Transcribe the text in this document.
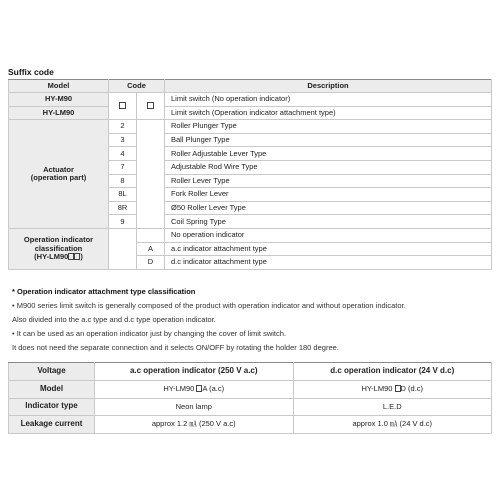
Suffix code
Model	Code		Description
HY-M90			Limit switch (No operation indicator)
HY-LM90			Limit switch (Operation indicator attachment type)
Actuator
(operation part)	2		Roller Plunger Type
	3		Ball Plunger Type
	4		Roller Adjustable Lever Type
	7		Adjustable Rod Wire Type
	8		Roller Lever Type
	8L		Fork Roller Lever
	8R		Ø50 Roller Lever Type
	9		Coil Spring Type
Operation indicator
classification
(HY-LM90 )			No operation indicator
		A	a.c indicator attachment type
		D	d.c indicator attachment type
* Operation indicator attachment type classification
• M900 series limit switch is generally composed of the product with operation indicator and without operation indicator.
Also divided into the a.c type and d.c type operation indicator.
• It can be used as an operation indicator just by changing the cover of limit switch.
It does not need the separate connection and it selects ON/OFF by rotating the holder 180 degree.
Voltage	a.c operation indicator (250 V a.c)	d.c operation indicator (24 V d.c)
Model	HY-LM90 A (a.c)	HY-LM90 D (d.c)
Indicator type	Neon lamp	L.E.D
Leakage current	approx 1.2 ㎃ (250 V a.c)	approx 1.0 ㎃ (24 V d.c)
